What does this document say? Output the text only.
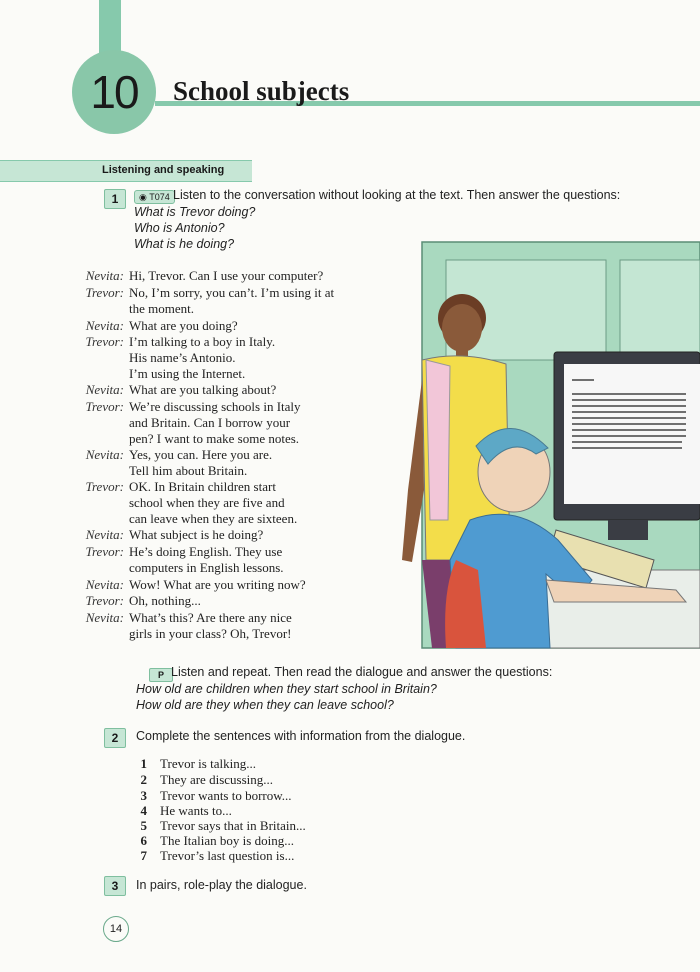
10 School subjects
Listening and speaking
1	◉ T074 Listen to the conversation without looking at the text. Then answer the questions:
What is Trevor doing?
Who is Antonio?
What is he doing?
Nevita: Hi, Trevor. Can I use your computer?
Trevor: No, I’m sorry, you can’t. I’m using it at
the moment.
Nevita: What are you doing?
Trevor: I’m talking to a boy in Italy.
His name’s Antonio.
I’m using the Internet.
Nevita: What are you talking about?
Trevor: We’re discussing schools in Italy
and Britain. Can I borrow your
pen? I want to make some notes.
Nevita: Yes, you can. Here you are.
Tell him about Britain.
Trevor: OK. In Britain children start
school when they are five and
can leave when they are sixteen.
Nevita: What subject is he doing?
Trevor: He’s doing English. They use
computers in English lessons.
Nevita: Wow! What are you writing now?
Trevor: Oh, nothing...
Nevita: What’s this? Are there any nice
girls in your class? Oh, Trevor!
P Listen and repeat. Then read the dialogue and answer the questions:
How old are children when they start school in Britain?
How old are they when they can leave school?
2	Complete the sentences with information from the dialogue.
1 Trevor is talking...
2 They are discussing...
3 Trevor wants to borrow...
4 He wants to...
5 Trevor says that in Britain...
6 The Italian boy is doing...
7 Trevor’s last question is...
3	In pairs, role-play the dialogue.
14
